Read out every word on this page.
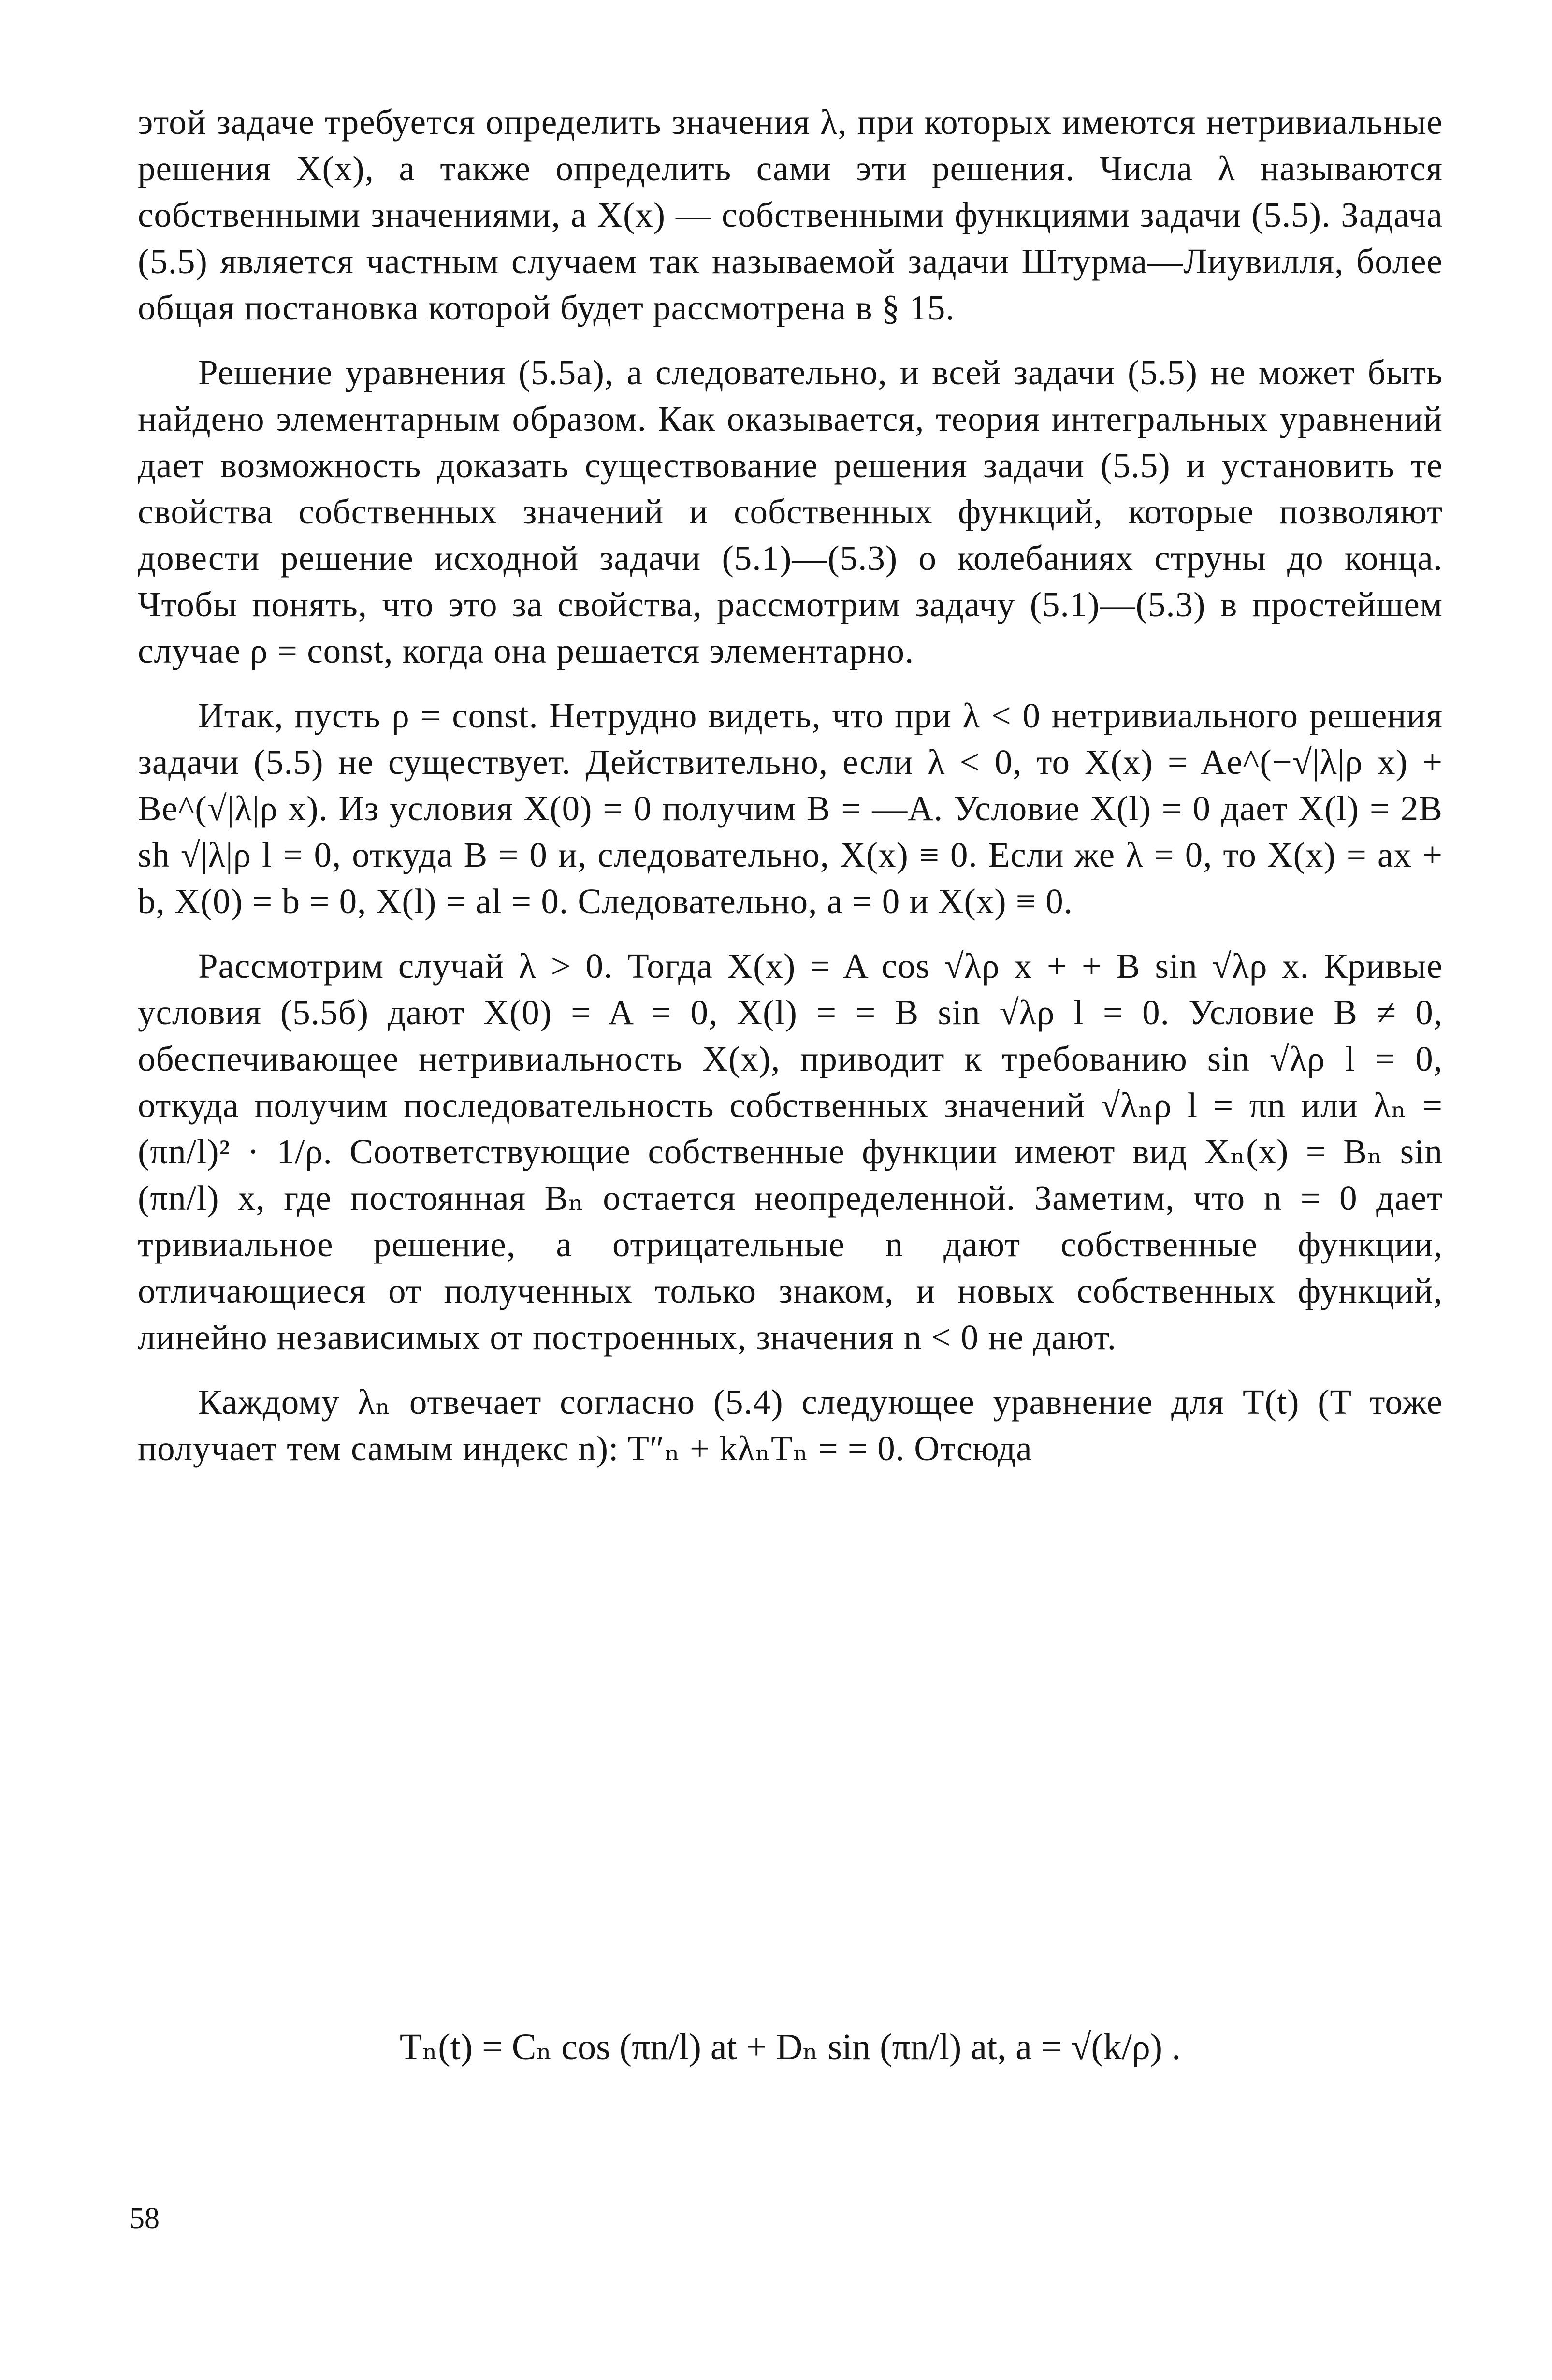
этой задаче требуется определить значения λ, при которых имеются нетривиальные решения X(x), а также определить сами эти решения. Числа λ называются собственными значениями, а X(x) — собственными функциями задачи (5.5). Задача (5.5) является частным случаем так называемой задачи Штурма—Лиувилля, более общая постановка которой будет рассмотрена в § 15.

Решение уравнения (5.5а), а следовательно, и всей задачи (5.5) не может быть найдено элементарным образом. Как оказывается, теория интегральных уравнений дает возможность доказать существование решения задачи (5.5) и установить те свойства собственных значений и собственных функций, которые позволяют довести решение исходной задачи (5.1)—(5.3) о колебаниях струны до конца. Чтобы понять, что это за свойства, рассмотрим задачу (5.1)—(5.3) в простейшем случае ρ = const, когда она решается элементарно.

Итак, пусть ρ = const. Нетрудно видеть, что при λ < 0 нетривиального решения задачи (5.5) не существует. Действительно, если λ < 0, то X(x) = Ae^(−√|λ|ρ x) + Be^(√|λ|ρ x). Из условия X(0) = 0 получим B = —A. Условие X(l) = 0 дает X(l) = 2B sh √|λ|ρ l = 0, откуда B = 0 и, следовательно, X(x) ≡ 0. Если же λ = 0, то X(x) = ax + b, X(0) = b = 0, X(l) = al = 0. Следовательно, a = 0 и X(x) ≡ 0.

Рассмотрим случай λ > 0. Тогда X(x) = A cos √λρ x + + B sin √λρ x. Кривые условия (5.5б) дают X(0) = A = 0, X(l) = = B sin √λρ l = 0. Условие B ≠ 0, обеспечивающее нетривиальность X(x), приводит к требованию sin √λρ l = 0, откуда получим последовательность собственных значений √λₙρ l = πn или λₙ = (πn/l)² · 1/ρ. Соответствующие собственные функции имеют вид Xₙ(x) = Bₙ sin (πn/l) x, где постоянная Bₙ остается неопределенной. Заметим, что n = 0 дает тривиальное решение, а отрицательные n дают собственные функции, отличающиеся от полученных только знаком, и новых собственных функций, линейно независимых от построенных, значения n < 0 не дают.

Каждому λₙ отвечает согласно (5.4) следующее уравнение для T(t) (T тоже получает тем самым индекс n): T″ₙ + kλₙTₙ = = 0. Отсюда

Tₙ(t) = Cₙ cos (πn/l) at + Dₙ sin (πn/l) at, a = √(k/ρ) .
58
